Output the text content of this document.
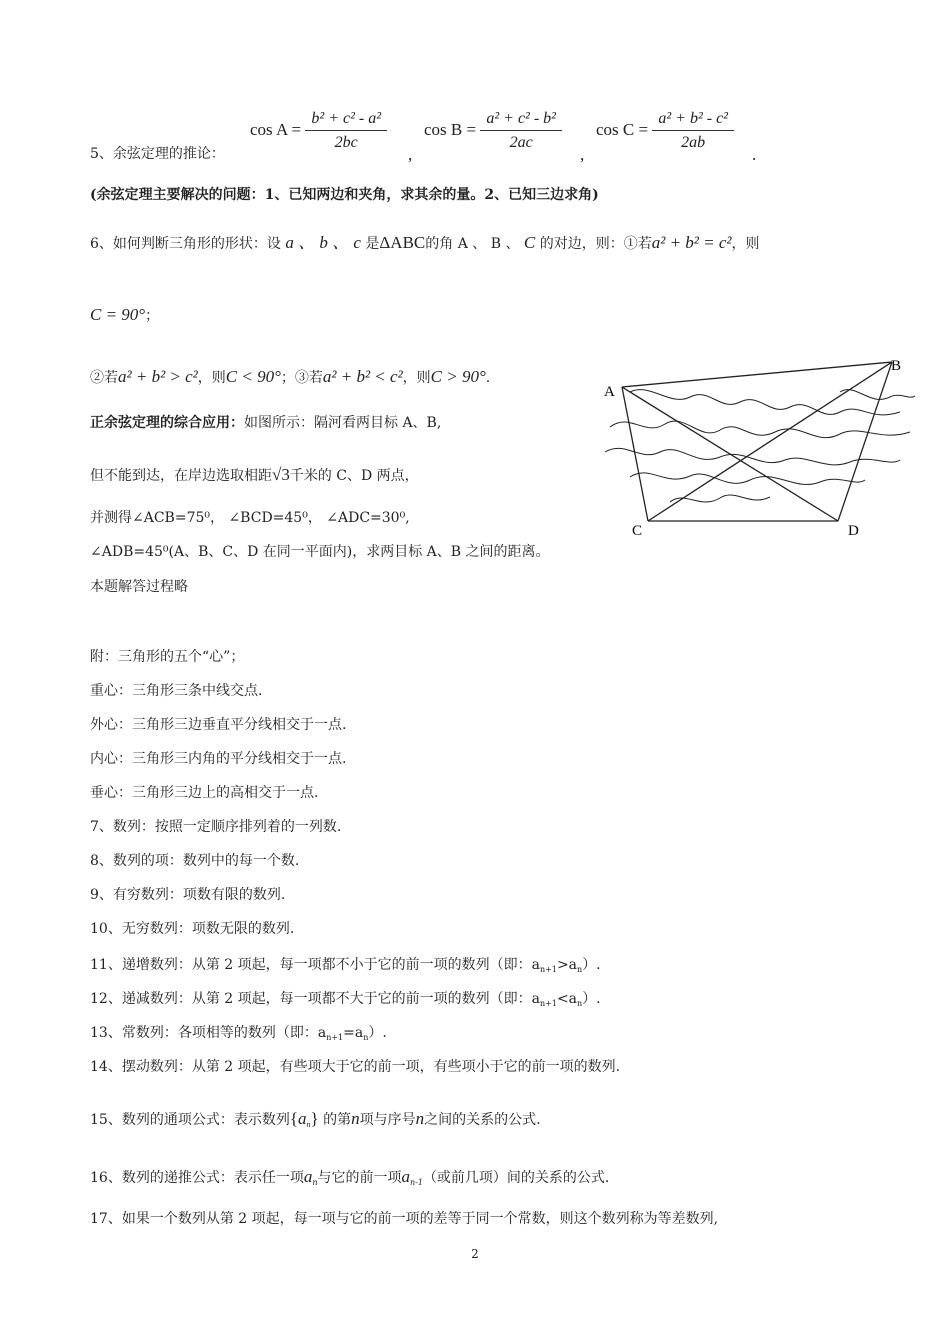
5、余弦定理的推论：
$\cos A = \frac{\text{b² + c² - a²}}{2bc}$
,
$\cos B = \frac{\text{a² + c² - b²}}{2ac}$
,
$\cos C = \frac{\text{a² + b² - c²}}{2ab}$
.
(余弦定理主要解决的问题：1、已知两边和夹角，求其余的量。2、已知三边求角)
6、如何判断三角形的形状：设 a 、 b 、 c 是ΔABC的角 A 、 B 、 C 的对边，则：①若a² + b² = c²，则
C = 90°；
②若a² + b² > c²，则C < 90°；③若a² + b² < c²，则C > 90°.
正余弦定理的综合应用：如图所示：隔河看两目标 A、B,
但不能到达，在岸边选取相距√3千米的 C、D 两点，
并测得∠ACB=75⁰， ∠BCD=45⁰， ∠ADC=30⁰,
∠ADB=45⁰(A、B、C、D 在同一平面内)，求两目标 A、B 之间的距离。
本题解答过程略
A
B
C	D
附：三角形的五个“心”；
重心：三角形三条中线交点.
外心：三角形三边垂直平分线相交于一点.
内心：三角形三内角的平分线相交于一点.
垂心：三角形三边上的高相交于一点.
7、数列：按照一定顺序排列着的一列数.
8、数列的项：数列中的每一个数.
9、有穷数列：项数有限的数列.
10、无穷数列：项数无限的数列.
11、递增数列：从第 2 项起，每一项都不小于它的前一项的数列（即：$a_{n+1}>a_n$）.
12、递减数列：从第 2 项起，每一项都不大于它的前一项的数列（即：$a_{n+1}<a_n$）.
13、常数列：各项相等的数列（即：$a_{n+1}=a_n$）.
14、摆动数列：从第 2 项起，有些项大于它的前一项，有些项小于它的前一项的数列.
15、数列的通项公式：表示数列$\{a_n\}$ 的第n项与序号n之间的关系的公式.
16、数列的递推公式：表示任一项$a_n$与它的前一项$a_{n-1}$（或前几项）间的关系的公式.
17、如果一个数列从第 2 项起，每一项与它的前一项的差等于同一个常数，则这个数列称为等差数列,
2
